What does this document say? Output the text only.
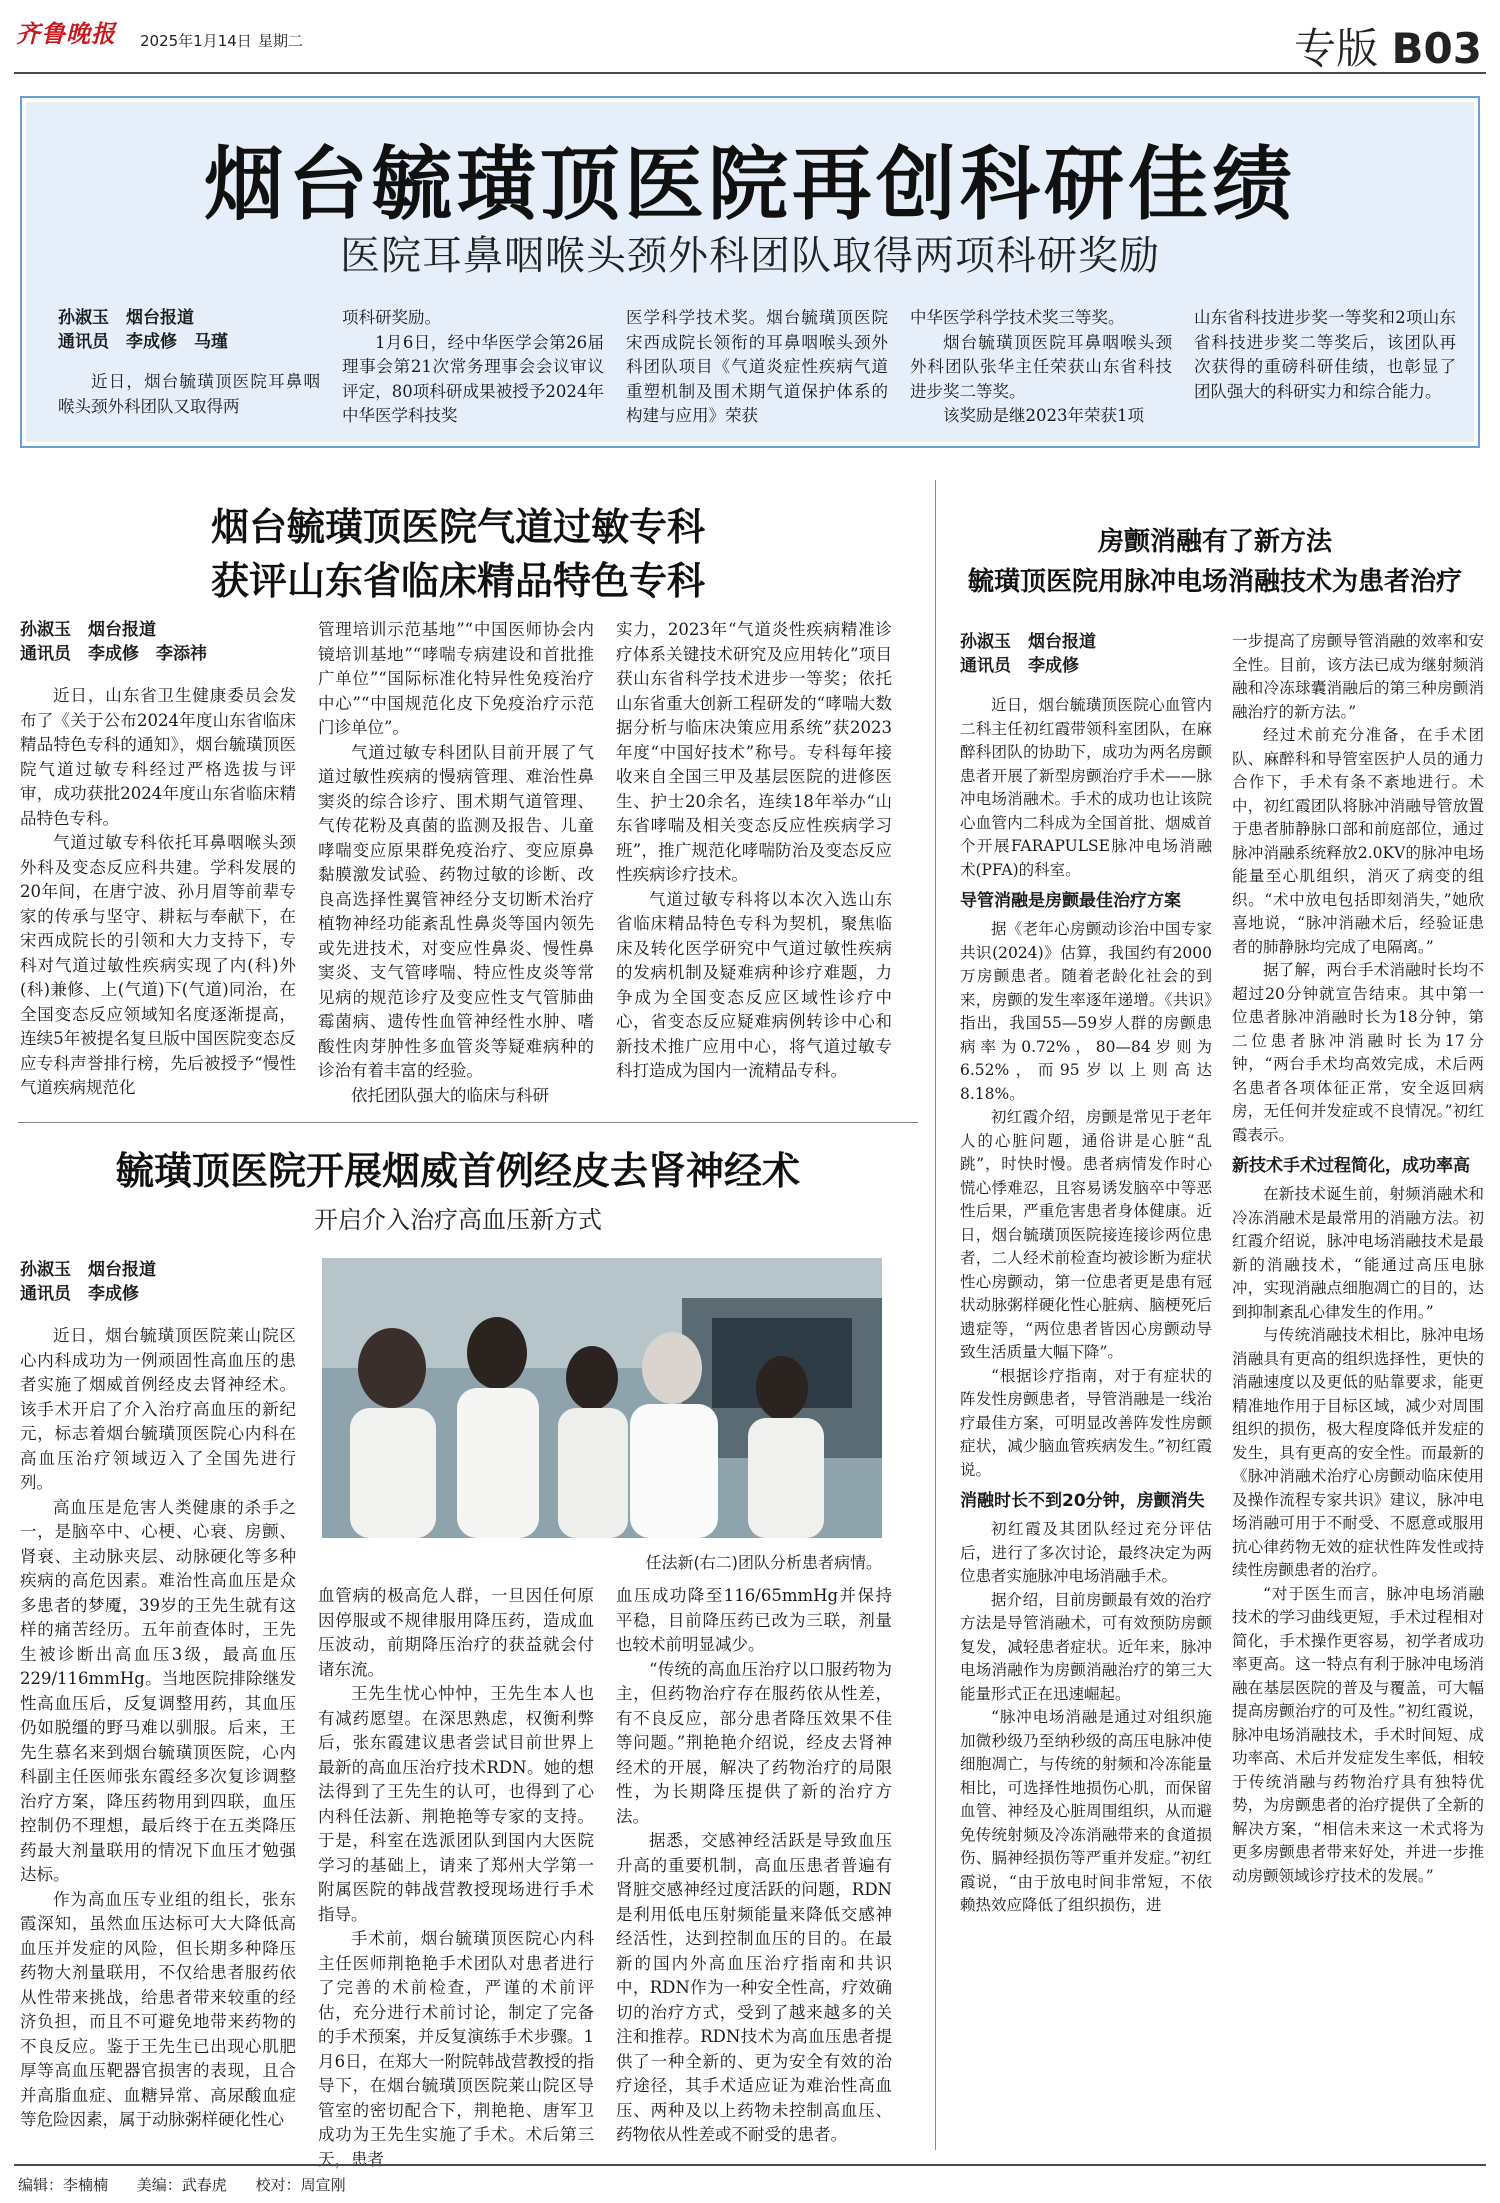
齐鲁晚报	2025年1月14日 星期二	专版 B03
烟台毓璜顶医院再创科研佳绩
医院耳鼻咽喉头颈外科团队取得两项科研奖励
孙淑玉　烟台报道
通讯员　李成修　马瑾

近日，烟台毓璜顶医院耳鼻咽喉头颈外科团队又取得两

项科研奖励。

1月6日，经中华医学会第26届理事会第21次常务理事会会议审议评定，80项科研成果被授予2024年中华医学科技奖

医学科学技术奖。烟台毓璜顶医院宋西成院长领衔的耳鼻咽喉头颈外科团队项目《气道炎症性疾病气道重塑机制及围术期气道保护体系的构建与应用》荣获

中华医学科学技术奖三等奖。

烟台毓璜顶医院耳鼻咽喉头颈外科团队张华主任荣获山东省科技进步奖二等奖。

该奖励是继2023年荣获1项

山东省科技进步奖一等奖和2项山东省科技进步奖二等奖后，该团队再次获得的重磅科研佳绩，也彰显了团队强大的科研实力和综合能力。

烟台毓璜顶医院气道过敏专科
获评山东省临床精品特色专科
孙淑玉　烟台报道
通讯员　李成修　李添祎

近日，山东省卫生健康委员会发布了《关于公布2024年度山东省临床精品特色专科的通知》，烟台毓璜顶医院气道过敏专科经过严格选拔与评审，成功获批2024年度山东省临床精品特色专科。

气道过敏专科依托耳鼻咽喉头颈外科及变态反应科共建。学科发展的20年间，在唐宁波、孙月眉等前辈专家的传承与坚守、耕耘与奉献下，在宋西成院长的引领和大力支持下，专科对气道过敏性疾病实现了内(科)外(科)兼修、上(气道)下(气道)同治，在全国变态反应领域知名度逐渐提高，连续5年被提名复旦版中国医院变态反应专科声誉排行榜，先后被授予“慢性气道疾病规范化

管理培训示范基地”“中国医师协会内镜培训基地”“哮喘专病建设和首批推广单位”“国际标准化特异性免疫治疗中心”“中国规范化皮下免疫治疗示范门诊单位”。

气道过敏专科团队目前开展了气道过敏性疾病的慢病管理、难治性鼻窦炎的综合诊疗、围术期气道管理、气传花粉及真菌的监测及报告、儿童哮喘变应原果群免疫治疗、变应原鼻黏膜激发试验、药物过敏的诊断、改良高选择性翼管神经分支切断术治疗植物神经功能紊乱性鼻炎等国内领先或先进技术，对变应性鼻炎、慢性鼻窦炎、支气管哮喘、特应性皮炎等常见病的规范诊疗及变应性支气管肺曲霉菌病、遗传性血管神经性水肿、嗜酸性肉芽肿性多血管炎等疑难病种的诊治有着丰富的经验。

依托团队强大的临床与科研

实力，2023年“气道炎性疾病精准诊疗体系关键技术研究及应用转化”项目获山东省科学技术进步一等奖；依托山东省重大创新工程研发的“哮喘大数据分析与临床决策应用系统”获2023年度“中国好技术”称号。专科每年接收来自全国三甲及基层医院的进修医生、护士20余名，连续18年举办“山东省哮喘及相关变态反应性疾病学习班”，推广规范化哮喘防治及变态反应性疾病诊疗技术。

气道过敏专科将以本次入选山东省临床精品特色专科为契机，聚焦临床及转化医学研究中气道过敏性疾病的发病机制及疑难病种诊疗难题，力争成为全国变态反应区域性诊疗中心，省变态反应疑难病例转诊中心和新技术推广应用中心，将气道过敏专科打造成为国内一流精品专科。

毓璜顶医院开展烟威首例经皮去肾神经术
开启介入治疗高血压新方式
孙淑玉　烟台报道
通讯员　李成修

近日，烟台毓璜顶医院莱山院区心内科成功为一例顽固性高血压的患者实施了烟威首例经皮去肾神经术。该手术开启了介入治疗高血压的新纪元，标志着烟台毓璜顶医院心内科在高血压治疗领域迈入了全国先进行列。

高血压是危害人类健康的杀手之一，是脑卒中、心梗、心衰、房颤、肾衰、主动脉夹层、动脉硬化等多种疾病的高危因素。难治性高血压是众多患者的梦魇，39岁的王先生就有这样的痛苦经历。五年前查体时，王先生被诊断出高血压3级，最高血压229/116mmHg。当地医院排除继发性高血压后，反复调整用药，其血压仍如脱缰的野马难以驯服。后来，王先生慕名来到烟台毓璜顶医院，心内科副主任医师张东霞经多次复诊调整治疗方案，降压药物用到四联，血压控制仍不理想，最后终于在五类降压药最大剂量联用的情况下血压才勉强达标。

作为高血压专业组的组长，张东霞深知，虽然血压达标可大大降低高血压并发症的风险，但长期多种降压药物大剂量联用，不仅给患者服药依从性带来挑战，给患者带来较重的经济负担，而且不可避免地带来药物的不良反应。鉴于王先生已出现心肌肥厚等高血压靶器官损害的表现，且合并高脂血症、血糖异常、高尿酸血症等危险因素，属于动脉粥样硬化性心

任法新(右二)团队分析患者病情。

血管病的极高危人群，一旦因任何原因停服或不规律服用降压药，造成血压波动，前期降压治疗的获益就会付诸东流。

王先生忧心忡忡，王先生本人也有减药愿望。在深思熟虑，权衡利弊后，张东霞建议患者尝试目前世界上最新的高血压治疗技术RDN。她的想法得到了王先生的认可，也得到了心内科任法新、荆艳艳等专家的支持。于是，科室在选派团队到国内大医院学习的基础上，请来了郑州大学第一附属医院的韩战营教授现场进行手术指导。

手术前，烟台毓璜顶医院心内科主任医师荆艳艳手术团队对患者进行了完善的术前检查，严谨的术前评估，充分进行术前讨论，制定了完备的手术预案，并反复演练手术步骤。1月6日，在郑大一附院韩战营教授的指导下，在烟台毓璜顶医院莱山院区导管室的密切配合下，荆艳艳、唐军卫成功为王先生实施了手术。术后第三天，患者

血压成功降至116/65mmHg并保持平稳，目前降压药已改为三联，剂量也较术前明显减少。

“传统的高血压治疗以口服药物为主，但药物治疗存在服药依从性差，有不良反应，部分患者降压效果不佳等问题。”荆艳艳介绍说，经皮去肾神经术的开展，解决了药物治疗的局限性，为长期降压提供了新的治疗方法。

据悉，交感神经活跃是导致血压升高的重要机制，高血压患者普遍有肾脏交感神经过度活跃的问题，RDN是利用低电压射频能量来降低交感神经活性，达到控制血压的目的。在最新的国内外高血压治疗指南和共识中，RDN作为一种安全性高，疗效确切的治疗方式，受到了越来越多的关注和推荐。RDN技术为高血压患者提供了一种全新的、更为安全有效的治疗途径，其手术适应证为难治性高血压、两种及以上药物未控制高血压、药物依从性差或不耐受的患者。

房颤消融有了新方法
毓璜顶医院用脉冲电场消融技术为患者治疗
孙淑玉　烟台报道
通讯员　李成修

近日，烟台毓璜顶医院心血管内二科主任初红霞带领科室团队，在麻醉科团队的协助下，成功为两名房颤患者开展了新型房颤治疗手术——脉冲电场消融术。手术的成功也让该院心血管内二科成为全国首批、烟威首个开展FARAPULSE脉冲电场消融术(PFA)的科室。

导管消融是房颤最佳治疗方案

据《老年心房颤动诊治中国专家共识(2024)》估算，我国约有2000万房颤患者。随着老龄化社会的到来，房颤的发生率逐年递增。《共识》指出，我国55—59岁人群的房颤患病率为0.72%，80—84岁则为6.52%，而95岁以上则高达8.18%。

初红霞介绍，房颤是常见于老年人的心脏问题，通俗讲是心脏“乱跳”，时快时慢。患者病情发作时心慌心悸难忍，且容易诱发脑卒中等恶性后果，严重危害患者身体健康。近日，烟台毓璜顶医院接连接诊两位患者，二人经术前检查均被诊断为症状性心房颤动，第一位患者更是患有冠状动脉粥样硬化性心脏病、脑梗死后遗症等，“两位患者皆因心房颤动导致生活质量大幅下降”。

“根据诊疗指南，对于有症状的阵发性房颤患者，导管消融是一线治疗最佳方案，可明显改善阵发性房颤症状，减少脑血管疾病发生。”初红霞说。

消融时长不到20分钟，房颤消失

初红霞及其团队经过充分评估后，进行了多次讨论，最终决定为两位患者实施脉冲电场消融手术。

据介绍，目前房颤最有效的治疗方法是导管消融术，可有效预防房颤复发，减轻患者症状。近年来，脉冲电场消融作为房颤消融治疗的第三大能量形式正在迅速崛起。

“脉冲电场消融是通过对组织施加微秒级乃至纳秒级的高压电脉冲使细胞凋亡，与传统的射频和冷冻能量相比，可选择性地损伤心肌，而保留血管、神经及心脏周围组织，从而避免传统射频及冷冻消融带来的食道损伤、膈神经损伤等严重并发症。”初红霞说，“由于放电时间非常短，不依赖热效应降低了组织损伤，进

一步提高了房颤导管消融的效率和安全性。目前，该方法已成为继射频消融和冷冻球囊消融后的第三种房颤消融治疗的新方法。”

经过术前充分准备，在手术团队、麻醉科和导管室医护人员的通力合作下，手术有条不紊地进行。术中，初红霞团队将脉冲消融导管放置于患者肺静脉口部和前庭部位，通过脉冲消融系统释放2.0KV的脉冲电场能量至心肌组织，消灭了病变的组织。“术中放电包括即刻消失，”她欣喜地说，“脉冲消融术后，经验证患者的肺静脉均完成了电隔离。”

据了解，两台手术消融时长均不超过20分钟就宣告结束。其中第一位患者脉冲消融时长为18分钟，第二位患者脉冲消融时长为17分钟，“两台手术均高效完成，术后两名患者各项体征正常，安全返回病房，无任何并发症或不良情况。”初红霞表示。

新技术手术过程简化，成功率高

在新技术诞生前，射频消融术和冷冻消融术是最常用的消融方法。初红霞介绍说，脉冲电场消融技术是最新的消融技术，“能通过高压电脉冲，实现消融点细胞凋亡的目的，达到抑制紊乱心律发生的作用。”

与传统消融技术相比，脉冲电场消融具有更高的组织选择性，更快的消融速度以及更低的贴靠要求，能更精准地作用于目标区域，减少对周围组织的损伤，极大程度降低并发症的发生，具有更高的安全性。而最新的《脉冲消融术治疗心房颤动临床使用及操作流程专家共识》建议，脉冲电场消融可用于不耐受、不愿意或服用抗心律药物无效的症状性阵发性或持续性房颤患者的治疗。

“对于医生而言，脉冲电场消融技术的学习曲线更短，手术过程相对简化，手术操作更容易，初学者成功率更高。这一特点有利于脉冲电场消融在基层医院的普及与覆盖，可大幅提高房颤治疗的可及性。”初红霞说，脉冲电场消融技术，手术时间短、成功率高、术后并发症发生率低，相较于传统消融与药物治疗具有独特优势，为房颤患者的治疗提供了全新的解决方案，“相信未来这一术式将为更多房颤患者带来好处，并进一步推动房颤领域诊疗技术的发展。”

编辑：李楠楠 美编：武春虎 校对：周宣刚
